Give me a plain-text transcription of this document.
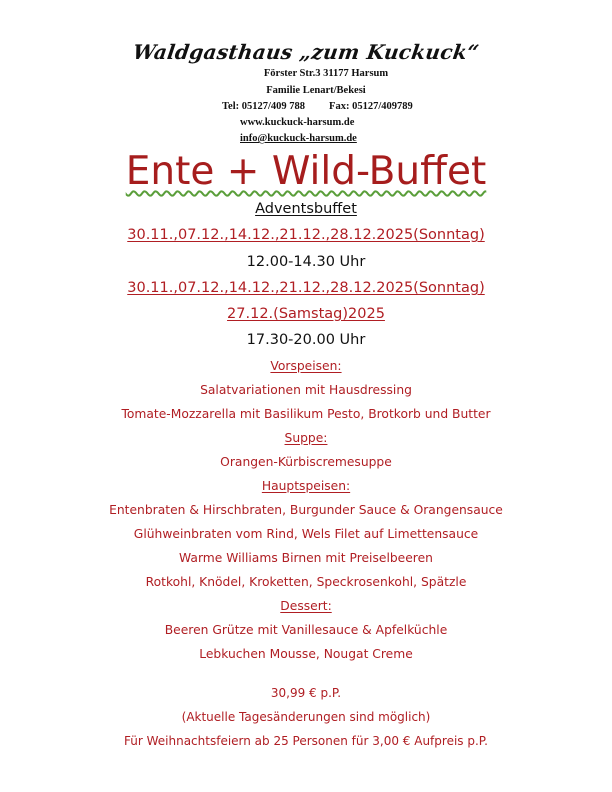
Waldgasthaus „zum Kuckuck“
Förster Str.3 31177 Harsum
Familie Lenart/Bekesi
Tel: 05127/409 788 Fax: 05127/409789
www.kuckuck-harsum.de
info@kuckuck-harsum.de
Ente + Wild-Buffet
Adventsbuffet
30.11.,07.12.,14.12.,21.12.,28.12.2025(Sonntag)
12.00-14.30 Uhr
30.11.,07.12.,14.12.,21.12.,28.12.2025(Sonntag)
27.12.(Samstag)2025
17.30-20.00 Uhr
Vorspeisen:
Salatvariationen mit Hausdressing
Tomate-Mozzarella mit Basilikum Pesto, Brotkorb und Butter
Suppe:
Orangen-Kürbiscremesuppe
Hauptspeisen:
Entenbraten & Hirschbraten, Burgunder Sauce & Orangensauce
Glühweinbraten vom Rind, Wels Filet auf Limettensauce
Warme Williams Birnen mit Preiselbeeren
Rotkohl, Knödel, Kroketten, Speckrosenkohl, Spätzle
Dessert:
Beeren Grütze mit Vanillesauce & Apfelküchle
Lebkuchen Mousse, Nougat Creme
30,99 € p.P.
(Aktuelle Tagesänderungen sind möglich)
Für Weihnachtsfeiern ab 25 Personen für 3,00 € Aufpreis p.P.
